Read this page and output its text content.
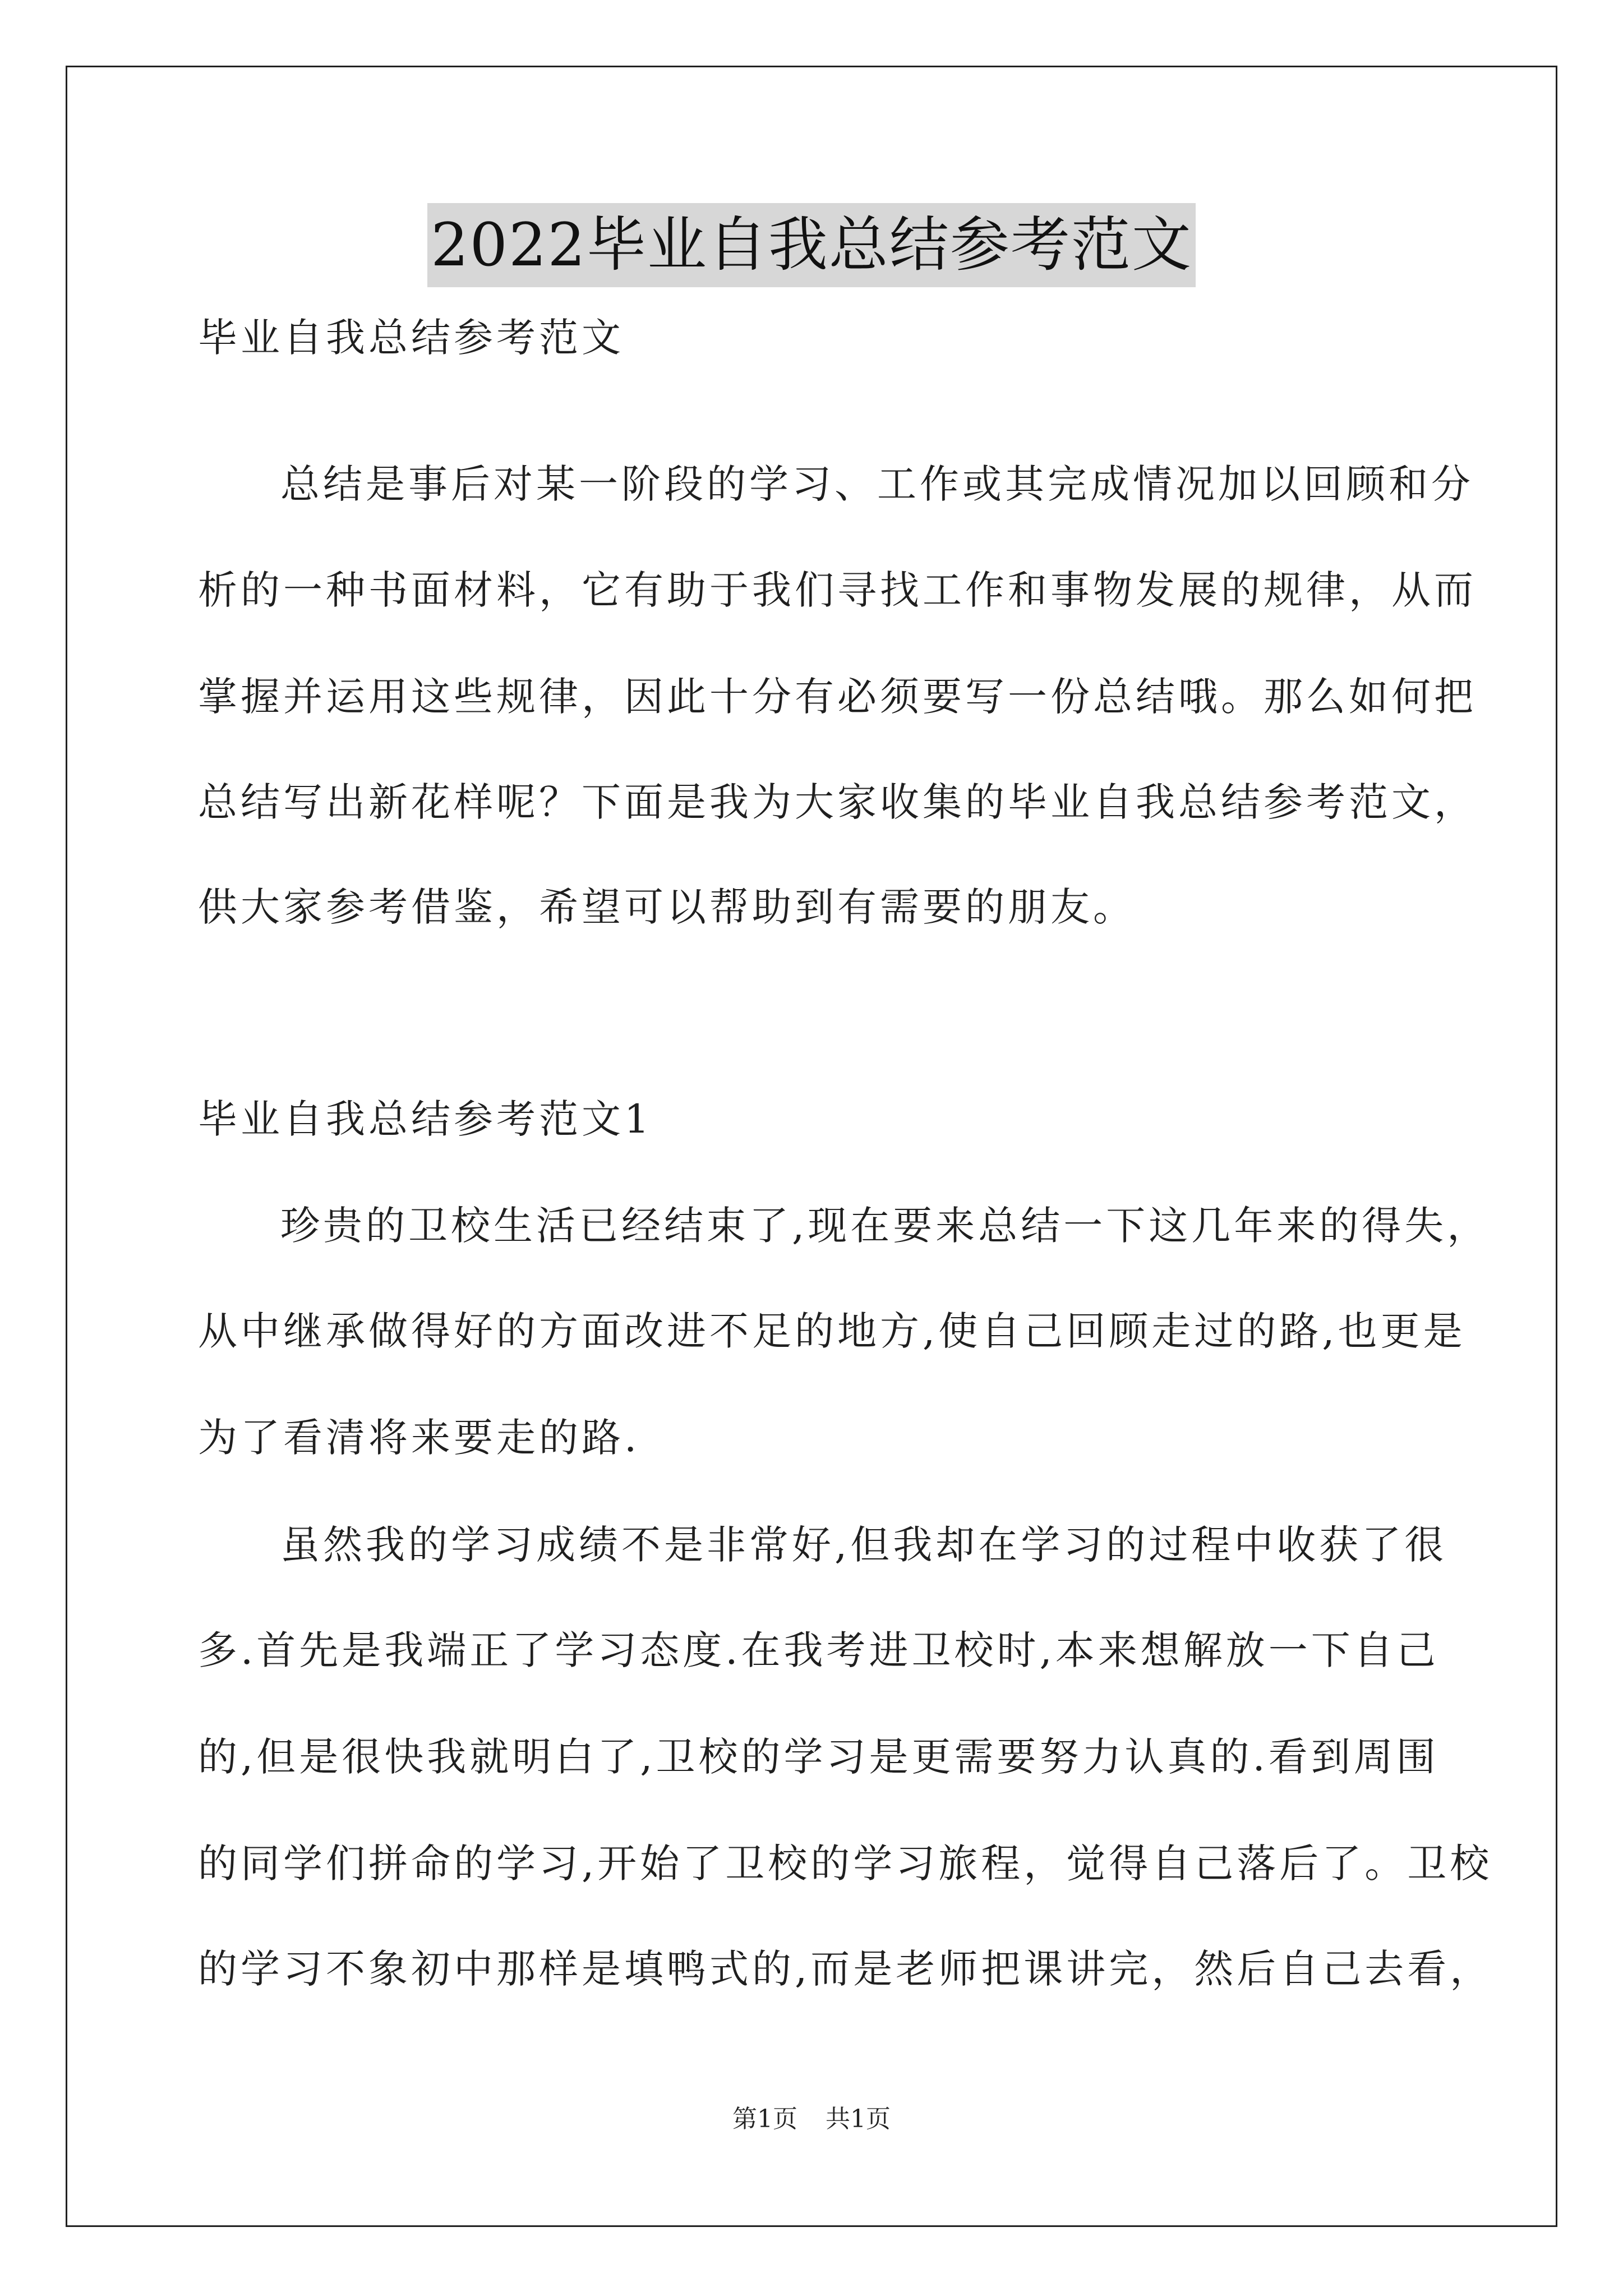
2022毕业自我总结参考范文
毕业自我总结参考范文
总结是事后对某一阶段的学习、工作或其完成情况加以回顾和分
析的一种书面材料，它有助于我们寻找工作和事物发展的规律，从而
掌握并运用这些规律，因此十分有必须要写一份总结哦。那么如何把
总结写出新花样呢？下面是我为大家收集的毕业自我总结参考范文，
供大家参考借鉴，希望可以帮助到有需要的朋友。
毕业自我总结参考范文1
珍贵的卫校生活已经结束了,现在要来总结一下这几年来的得失，
从中继承做得好的方面改进不足的地方,使自己回顾走过的路,也更是
为了看清将来要走的路.
虽然我的学习成绩不是非常好,但我却在学习的过程中收获了很
多.首先是我端正了学习态度.在我考进卫校时,本来想解放一下自己
的,但是很快我就明白了,卫校的学习是更需要努力认真的.看到周围
的同学们拼命的学习,开始了卫校的学习旅程，觉得自己落后了。卫校
的学习不象初中那样是填鸭式的,而是老师把课讲完，然后自己去看，
第1页 共1页
